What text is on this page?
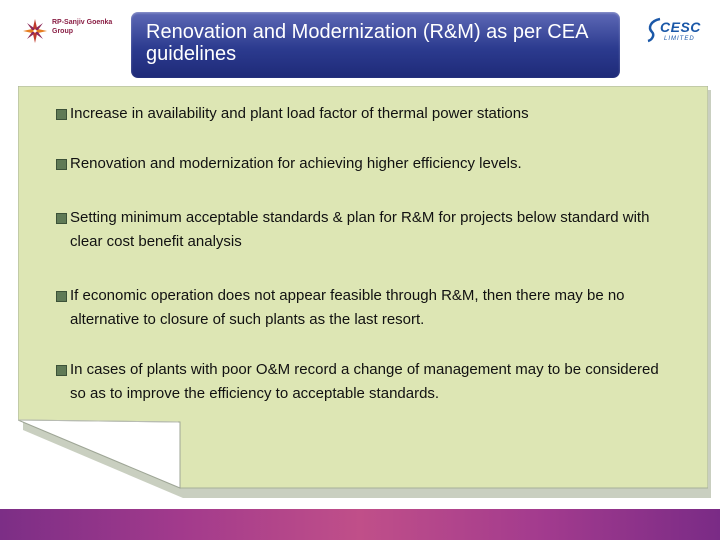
RP-Sanjiv Goenka
Group	Renovation and Modernization (R&M) as per CEA guidelines
CESC
LIMITED
Increase in availability and plant load factor of thermal power stations
Renovation and modernization for achieving higher efficiency levels.
Setting minimum acceptable standards & plan for R&M for projects below standard with clear cost benefit analysis
If economic operation does not appear feasible through R&M, then there may be no alternative to closure of such plants as the last resort.
In cases of plants with poor O&M record a change of management may to be considered so as to improve the efficiency to acceptable standards.
